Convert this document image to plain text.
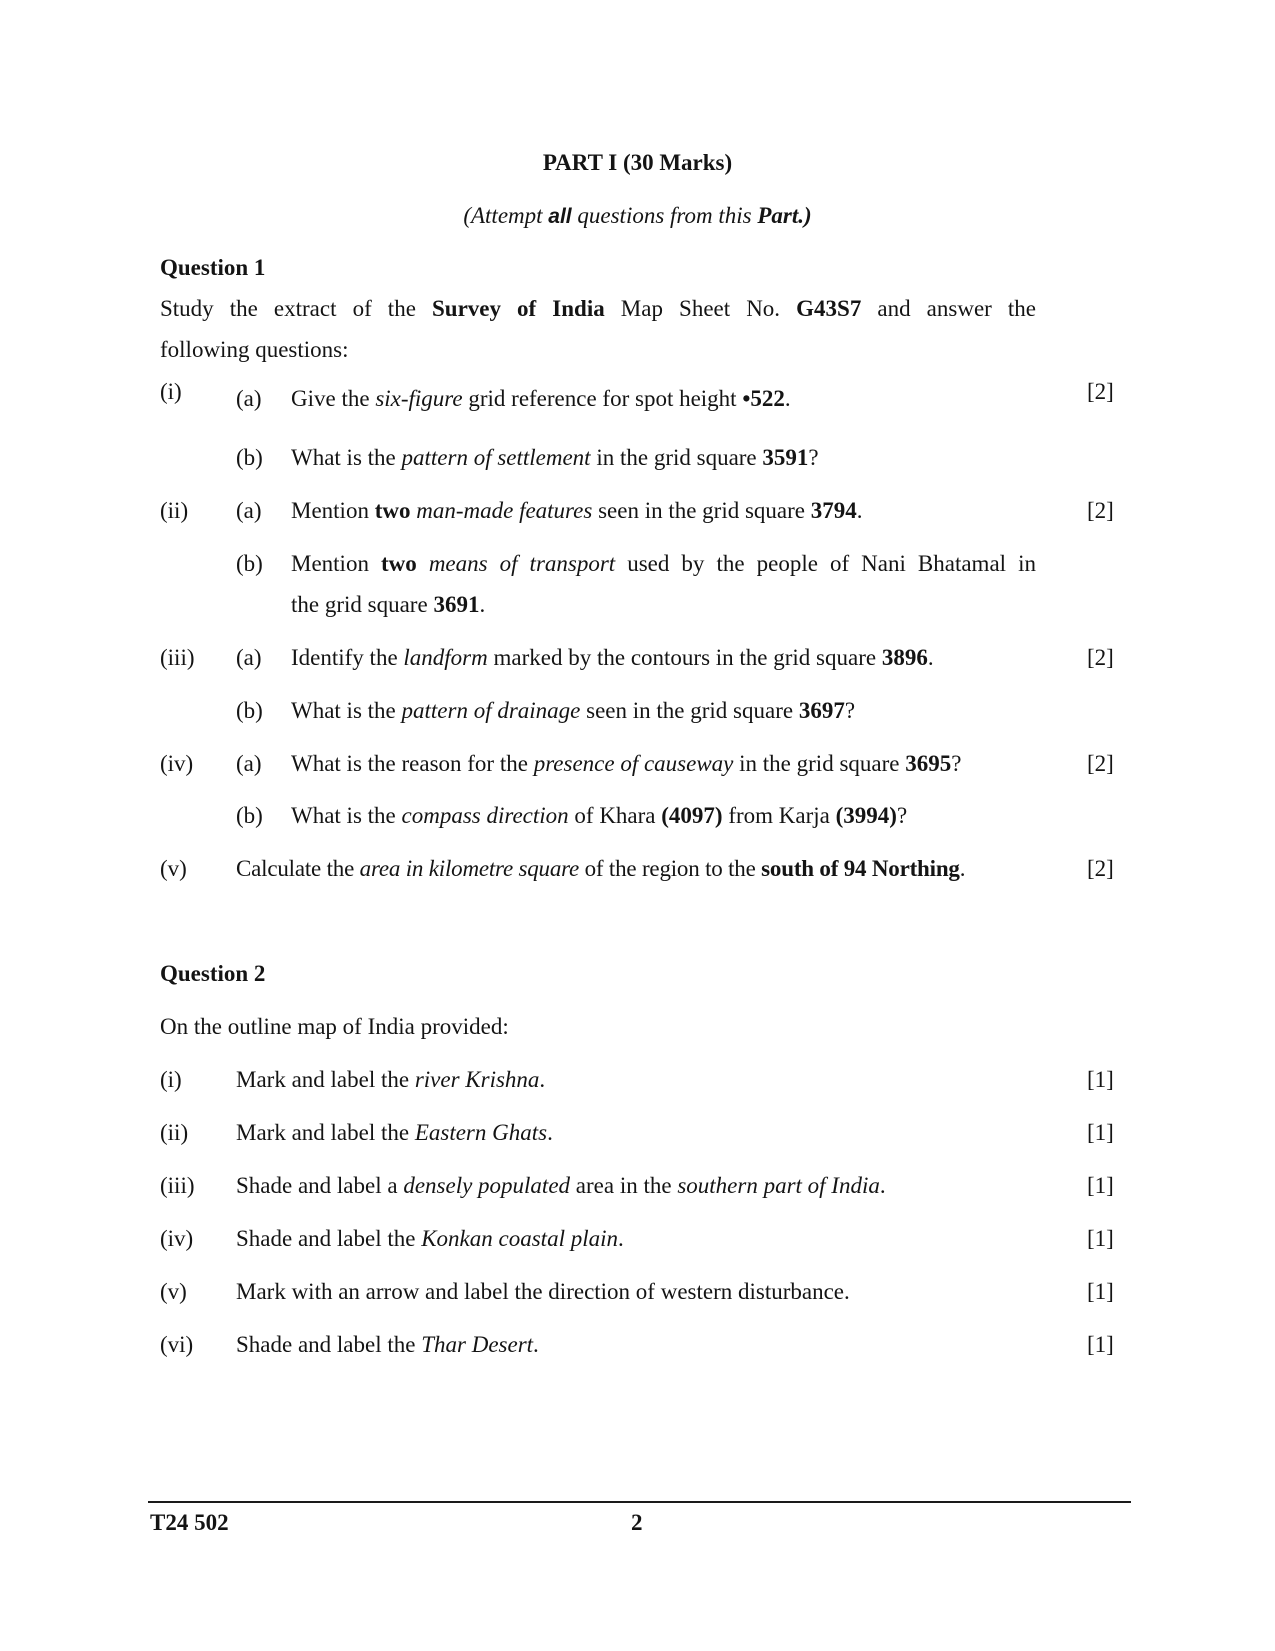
PART I (30 Marks)
(Attempt all questions from this Part.)
Question 1
Study the extract of the Survey of India Map Sheet No. G43S7 and answer the
following questions:
(i)	[2]
(a) Give the six-figure grid reference for spot height •522.
(b) What is the pattern of settlement in the grid square 3591?
(ii)	[2]
(a) Mention two man-made features seen in the grid square 3794.
(b) Mention two means of transport used by the people of Nani Bhatamal in
the grid square 3691.
(iii)	[2]
(a) Identify the landform marked by the contours in the grid square 3896.
(b) What is the pattern of drainage seen in the grid square 3697?
(iv)	[2]
(a) What is the reason for the presence of causeway in the grid square 3695?
(b) What is the compass direction of Khara (4097) from Karja (3994)?
(v)	[2]
Calculate the area in kilometre square of the region to the south of 94 Northing.
Question 2
On the outline map of India provided:
(i) Mark and label the river Krishna.	[1]
(ii) Mark and label the Eastern Ghats.	[1]
(iii) Shade and label a densely populated area in the southern part of India.	[1]
(iv) Shade and label the Konkan coastal plain.	[1]
(v) Mark with an arrow and label the direction of western disturbance.	[1]
(vi) Shade and label the Thar Desert.	[1]
T24 502	2
